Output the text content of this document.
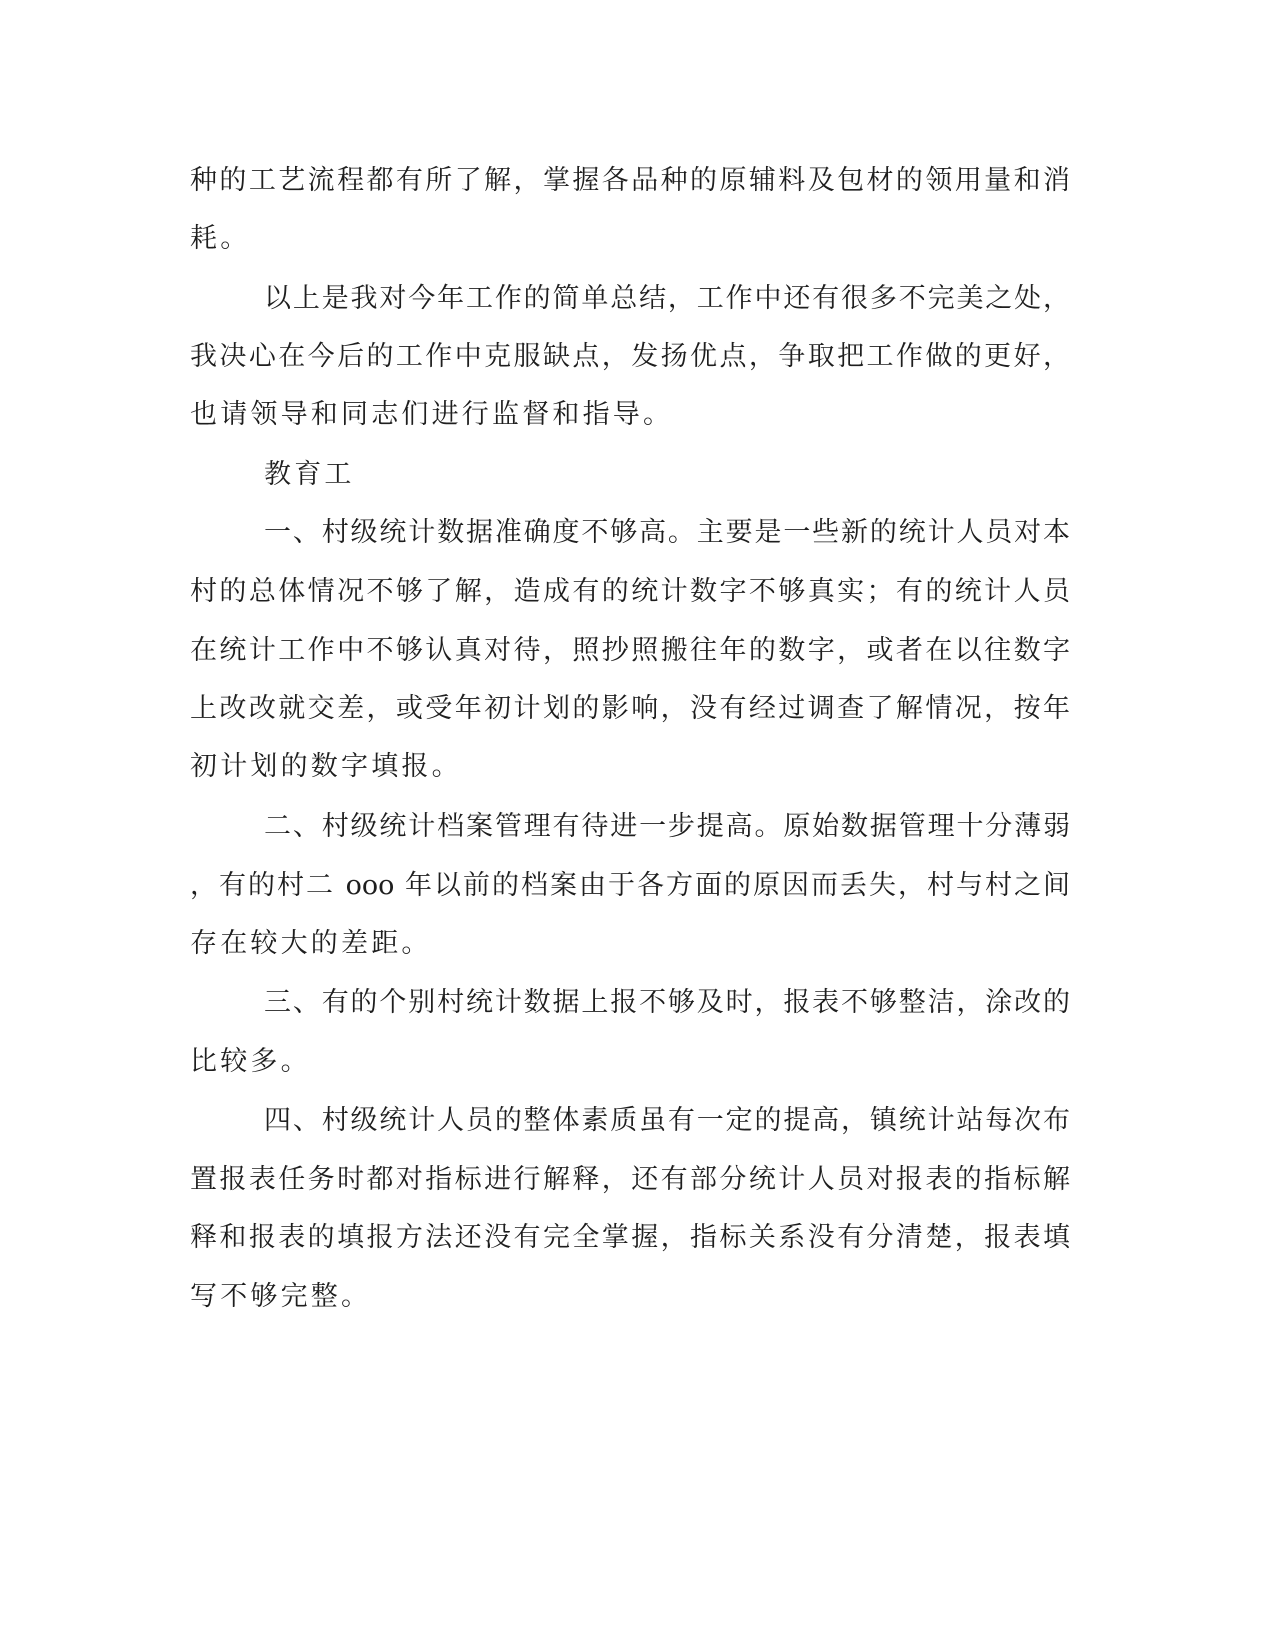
种的工艺流程都有所了解，掌握各品种的原辅料及包材的领用量和消
耗。
以上是我对今年工作的简单总结，工作中还有很多不完美之处，
我决心在今后的工作中克服缺点，发扬优点，争取把工作做的更好，
也请领导和同志们进行监督和指导。
教育工
一、村级统计数据准确度不够高。主要是一些新的统计人员对本
村的总体情况不够了解，造成有的统计数字不够真实；有的统计人员
在统计工作中不够认真对待，照抄照搬往年的数字，或者在以往数字
上改改就交差，或受年初计划的影响，没有经过调查了解情况，按年
初计划的数字填报。
二、村级统计档案管理有待进一步提高。原始数据管理十分薄弱
，有的村二 ooo 年以前的档案由于各方面的原因而丢失，村与村之间
存在较大的差距。
三、有的个别村统计数据上报不够及时，报表不够整洁，涂改的
比较多。
四、村级统计人员的整体素质虽有一定的提高，镇统计站每次布
置报表任务时都对指标进行解释，还有部分统计人员对报表的指标解
释和报表的填报方法还没有完全掌握，指标关系没有分清楚，报表填
写不够完整。
